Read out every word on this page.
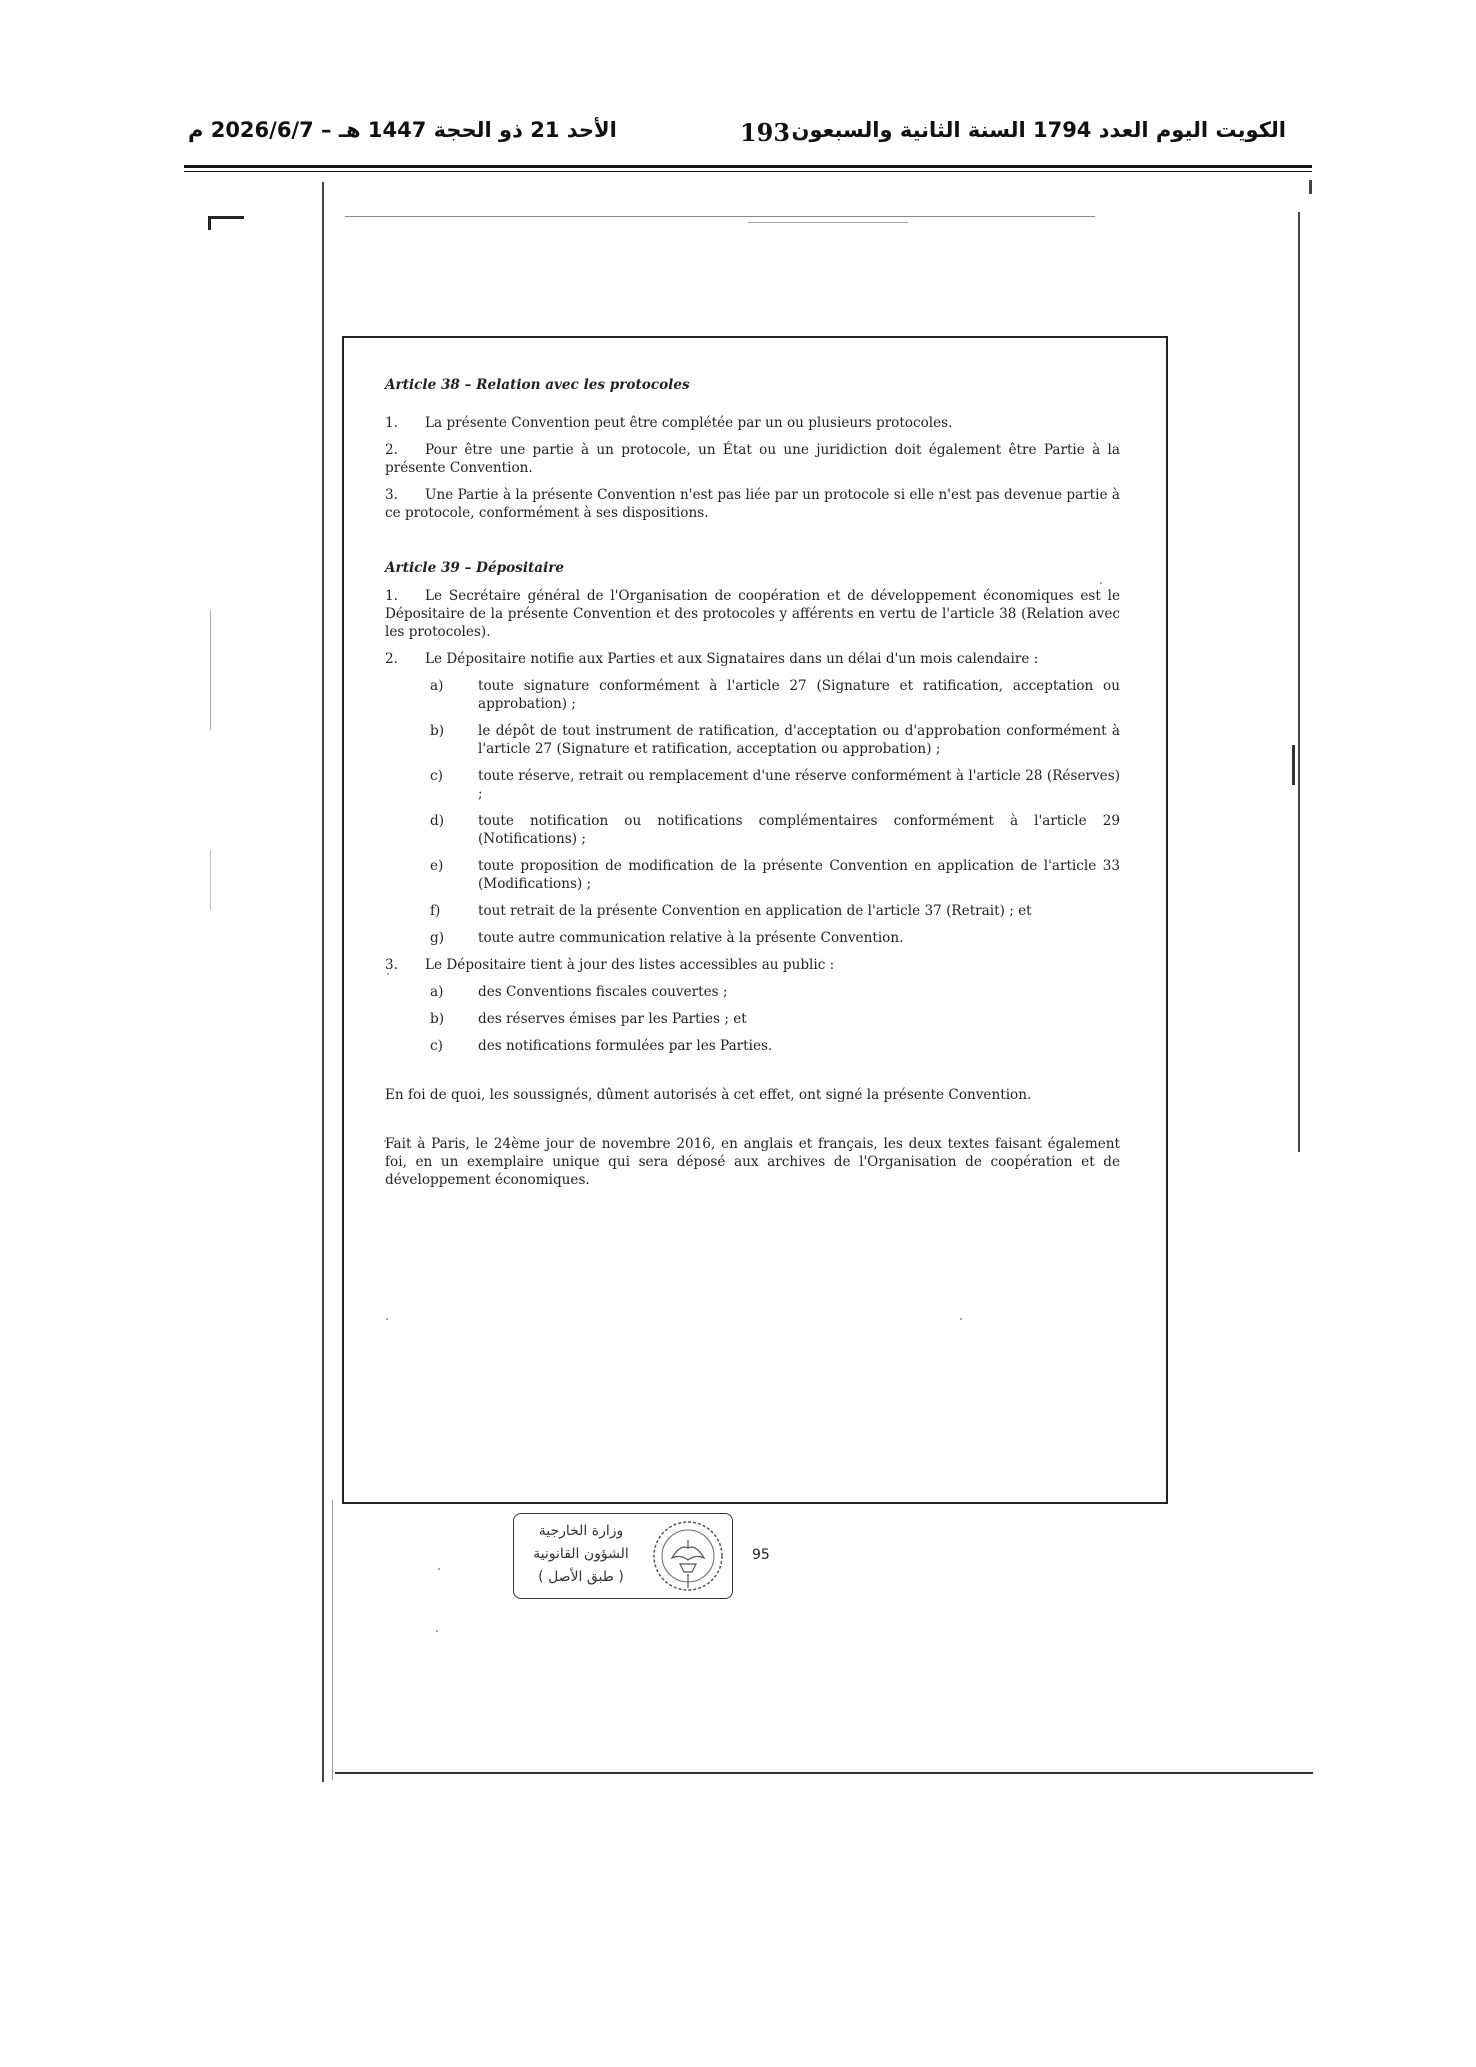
الكويت اليوم العدد 1794 السنة الثانية والسبعون
193
الأحد 21 ذو الحجة 1447 هـ – 2026/6/7 م
Article 38 – Relation avec les protocoles
1. La présente Convention peut être complétée par un ou plusieurs protocoles.
2. Pour être une partie à un protocole, un État ou une juridiction doit également être Partie à la présente Convention.
3. Une Partie à la présente Convention n'est pas liée par un protocole si elle n'est pas devenue partie à ce protocole, conformément à ses dispositions.
Article 39 – Dépositaire
1. Le Secrétaire général de l'Organisation de coopération et de développement économiques est le Dépositaire de la présente Convention et des protocoles y afférents en vertu de l'article 38 (Relation avec les protocoles).
2. Le Dépositaire notifie aux Parties et aux Signataires dans un délai d'un mois calendaire :
a)	toute signature conformément à l'article 27 (Signature et ratification, acceptation ou approbation) ;
b) le dépôt de tout instrument de ratification, d'acceptation ou d'approbation conformément à l'article 27 (Signature et ratification, acceptation ou approbation) ;
c)	toute réserve, retrait ou remplacement d'une réserve conformément à l'article 28 (Réserves) ;
d) toute notification ou notifications complémentaires conformément à l'article 29 (Notifications) ;
e)	toute proposition de modification de la présente Convention en application de l'article 33 (Modifications) ;
f)	tout retrait de la présente Convention en application de l'article 37 (Retrait) ; et
g) toute autre communication relative à la présente Convention.
3. Le Dépositaire tient à jour des listes accessibles au public :
a)	des Conventions fiscales couvertes ;
b) des réserves émises par les Parties ; et
c)	des notifications formulées par les Parties.
En foi de quoi, les soussignés, dûment autorisés à cet effet, ont signé la présente Convention.
Fait à Paris, le 24ème jour de novembre 2016, en anglais et français, les deux textes faisant également foi, en un exemplaire unique qui sera déposé aux archives de l'Organisation de coopération et de développement économiques.
وزارة الخارجية
الشؤون القانونية
( طبق الأصل )
95
